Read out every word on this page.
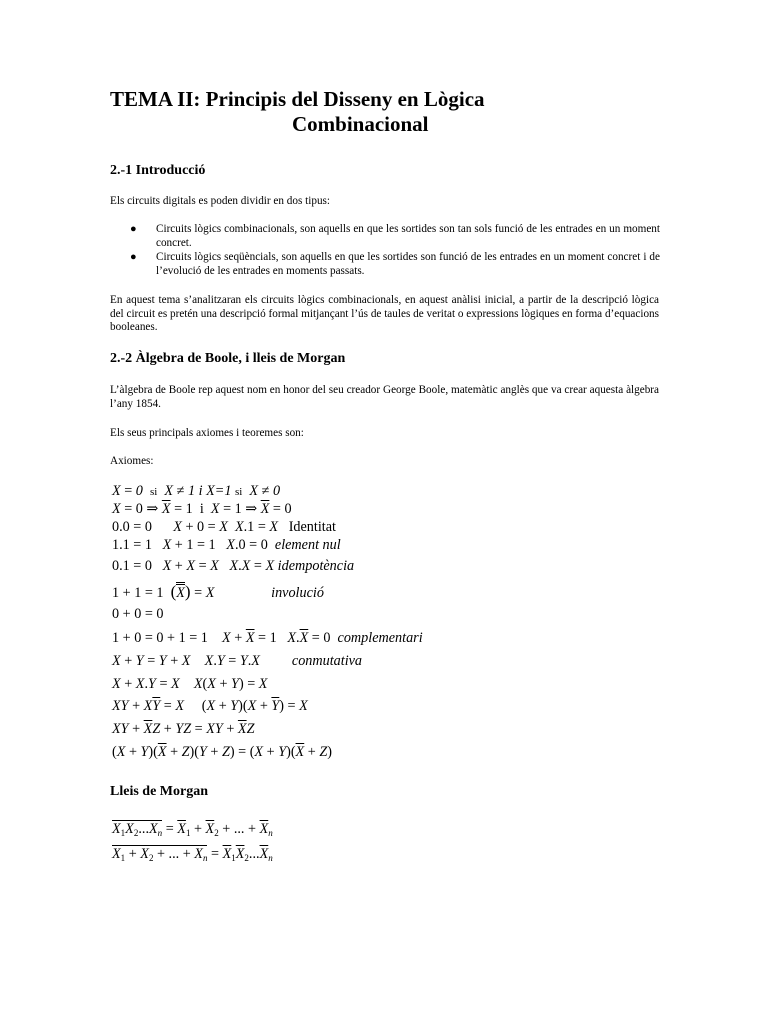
TEMA II: Principis del Disseny en Lògica
Combinacional
2.-1 Introducció

Els circuits digitals es poden dividir en dos tipus:

● Circuits lògics combinacionals, son aquells en que les sortides son tan sols funció de les entrades en un moment concret.
● Circuits lògics seqüèncials, son aquells en que les sortides son funció de les entrades en un moment concret i de l’evolució de les entrades en moments passats.

En aquest tema s’analitzaran els circuits lògics combinacionals, en aquest anàlisi inicial, a partir de la descripció lògica del circuit es pretén una descripció formal mitjançant l’ús de taules de veritat o expressions lògiques en forma d’equacions booleanes.

2.-2 Àlgebra de Boole, i lleis de Morgan

L’àlgebra de Boole rep aquest nom en honor del seu creador George Boole, matemàtic anglès que va crear aquesta àlgebra l’any 1854.

Els seus principals axiomes i teoremes son:

Axiomes:

X = 0 si X ≠ 1 i X=1 si X ≠ 0
X = 0 ⇒ $\overline{X} = 1$  i X = 1 ⇒ $\overline{X} = 0$
0.0 = 0      X + 0 = X X.1 = X Identitat
1.1 = 1   X + 1 = 1   X.0 = 0  element nul
0.1 = 0   X + X = X X.X = X idempotència
1 + 1 = 1  (X) = X	involució
0 + 0 = 0
1 + 0 = 0 + 1 = 1    $X + \overline{X} = 1$   $X.\overline{X} = 0$  complementari
X + Y = Y + X X.Y = Y.X conmutativa
X + X.Y = X X(X + Y) = X
XY + $X\overline{Y} = X$     $(X + Y)(X + \overline{Y}) = X$
XY + $\overline{X}Z$ + YZ = XY + $\overline{X}Z$
$(X + Y)(\overline{X} + Z)(Y + Z) = (X + Y)(\overline{X} + Z)$
Lleis de Morgan
$X_1X_2...X_n = \overline{X}_1 + \overline{X}_2$ + ... + $\overline{X}_n$
$X_1 + X_2$ + ... + $X_n = \overline{X}_1\overline{X}_2...\overline{X}_n$
